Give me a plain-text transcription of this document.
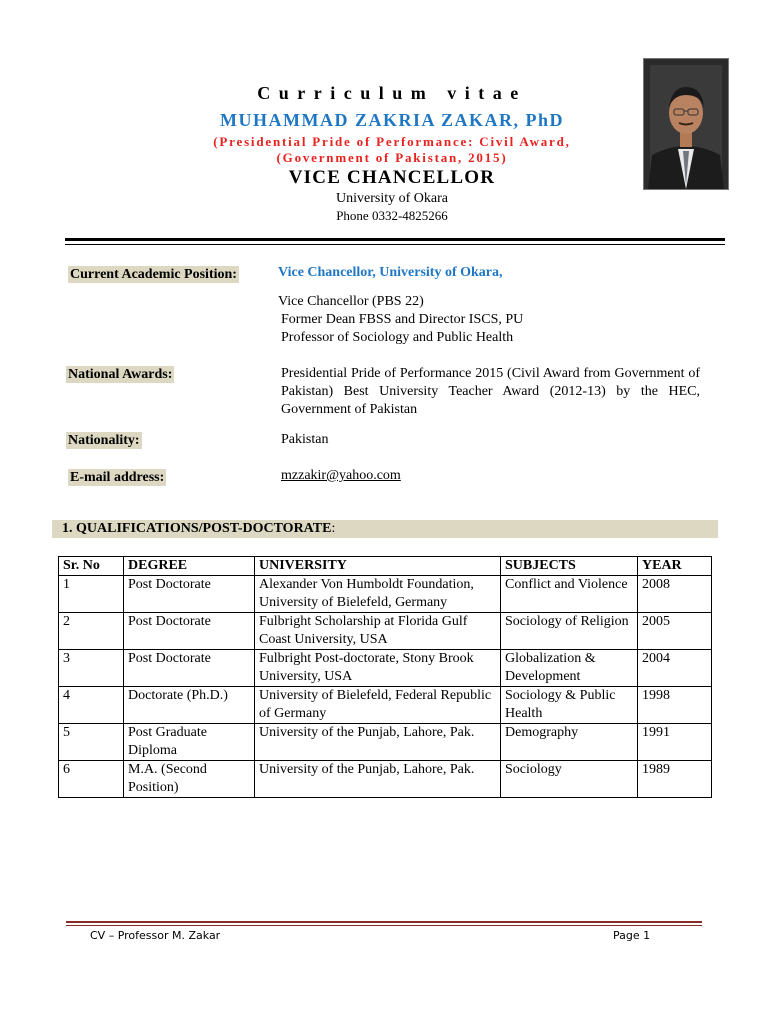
Curriculum vitae
MUHAMMAD ZAKRIA ZAKAR, PhD
(Presidential Pride of Performance: Civil Award,
(Government of Pakistan, 2015)
VICE CHANCELLOR
University of Okara
Phone 0332-4825266
Current Academic Position:	Vice Chancellor, University of Okara,
Vice Chancellor (PBS 22)
Former Dean FBSS and Director ISCS, PU
Professor of Sociology and Public Health
National Awards:	Presidential Pride of Performance 2015 (Civil Award from Government of Pakistan) Best University Teacher Award (2012-13) by the HEC, Government of Pakistan
Nationality:	Pakistan
E-mail address:	mzzakir@yahoo.com
1. QUALIFICATIONS/POST-DOCTORATE:
Sr. No	DEGREE	UNIVERSITY	SUBJECTS	YEAR
1	Post Doctorate	Alexander Von Humboldt Foundation, University of Bielefeld, Germany	Conflict and Violence	2008
2	Post Doctorate	Fulbright Scholarship at Florida Gulf Coast University, USA	Sociology of Religion	2005
3	Post Doctorate	Fulbright Post-doctorate, Stony Brook University, USA	Globalization & Development	2004
4	Doctorate (Ph.D.)	University of Bielefeld, Federal Republic of Germany	Sociology & Public Health	1998
5	Post Graduate Diploma	University of the Punjab, Lahore, Pak.	Demography	1991
6	M.A. (Second Position)	University of the Punjab, Lahore, Pak.	Sociology	1989
CV – Professor M. Zakar	Page 1
